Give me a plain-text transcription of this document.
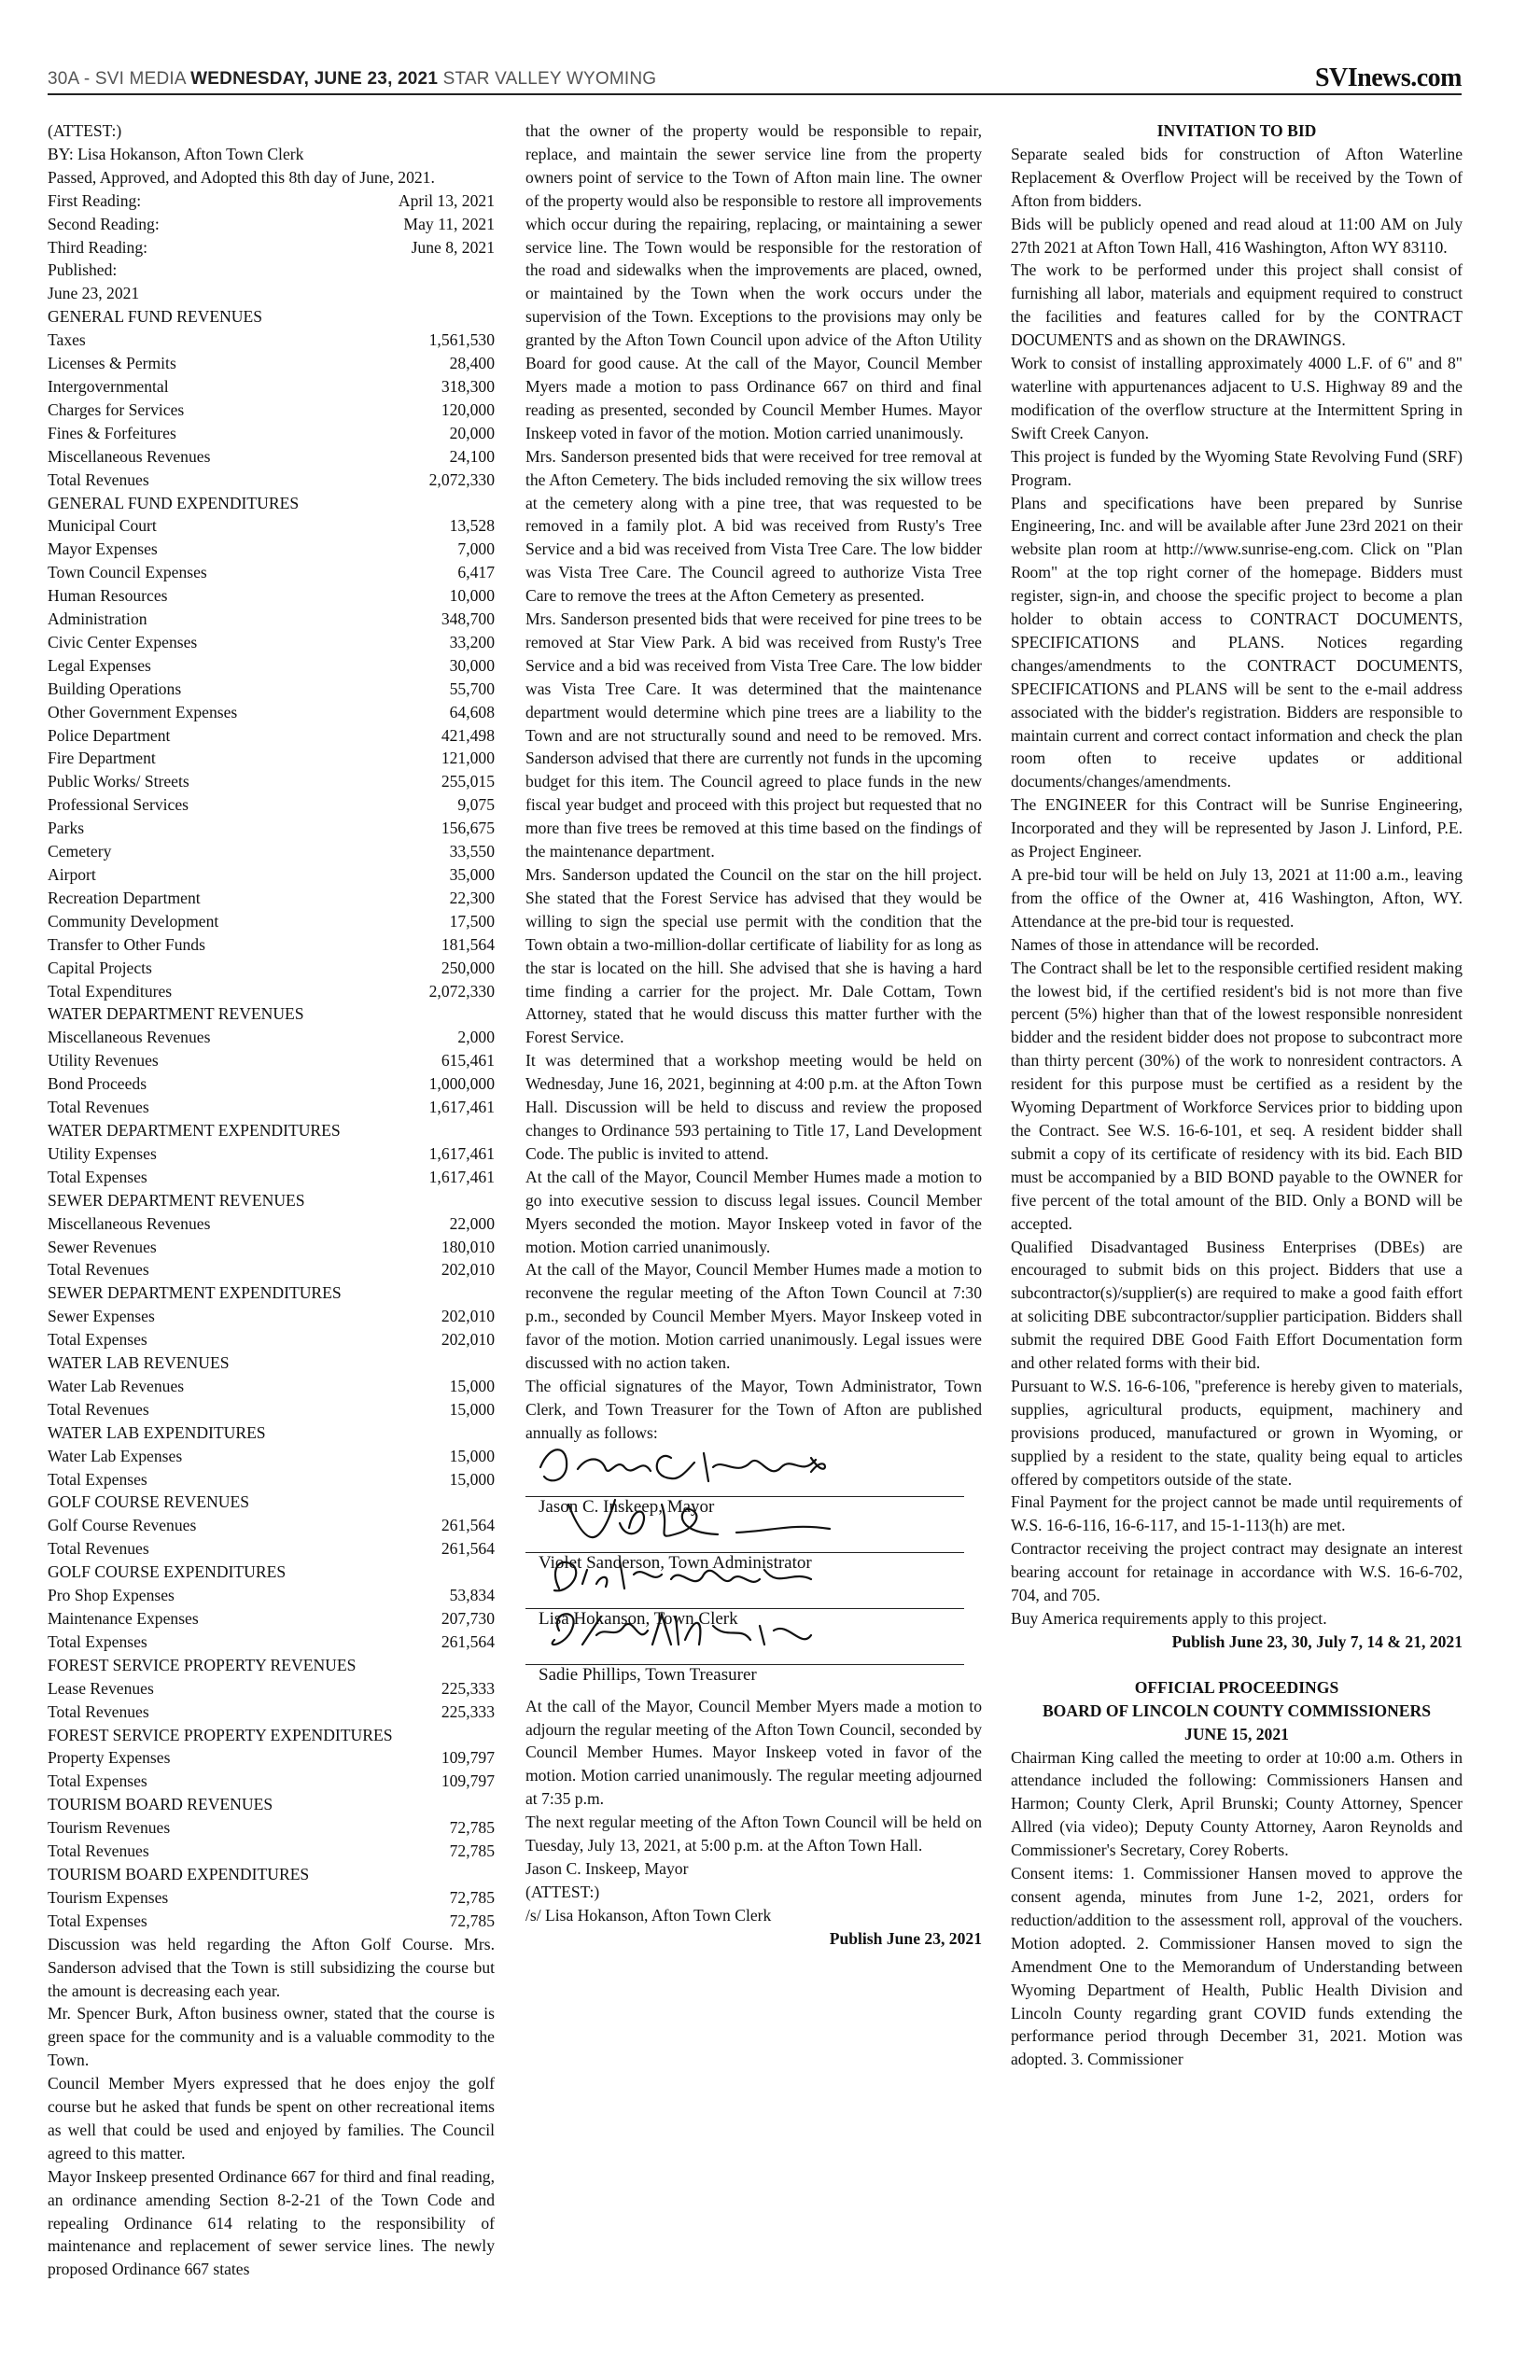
30A - SVI MEDIA WEDNESDAY, JUNE 23, 2021 STAR VALLEY WYOMING	SVInews.com

(ATTEST:)

BY: Lisa Hokanson, Afton Town Clerk

Passed, Approved, and Adopted this 8th day of June, 2021.

First Reading:	April 13, 2021
Second Reading:	May 11, 2021
Third Reading:	June 8, 2021

Published:

June 23, 2021

GENERAL FUND REVENUES

Taxes	1,561,530
Licenses & Permits	28,400
Intergovernmental	318,300
Charges for Services	120,000
Fines & Forfeitures	20,000
Miscellaneous Revenues	24,100
Total Revenues	2,072,330

GENERAL FUND EXPENDITURES

Municipal Court	13,528
Mayor Expenses	7,000
Town Council Expenses	6,417
Human Resources	10,000
Administration	348,700
Civic Center Expenses	33,200
Legal Expenses	30,000
Building Operations	55,700
Other Government Expenses	64,608
Police Department	421,498
Fire Department	121,000
Public Works/ Streets	255,015
Professional Services	9,075
Parks	156,675
Cemetery	33,550
Airport	35,000
Recreation Department	22,300
Community Development	17,500
Transfer to Other Funds	181,564
Capital Projects	250,000
Total Expenditures	2,072,330

WATER DEPARTMENT REVENUES

Miscellaneous Revenues	2,000
Utility Revenues	615,461
Bond Proceeds	1,000,000
Total Revenues	1,617,461

WATER DEPARTMENT EXPENDITURES

Utility Expenses	1,617,461
Total Expenses	1,617,461

SEWER DEPARTMENT REVENUES

Miscellaneous Revenues	22,000
Sewer Revenues	180,010
Total Revenues	202,010

SEWER DEPARTMENT EXPENDITURES

Sewer Expenses	202,010
Total Expenses	202,010

WATER LAB REVENUES

Water Lab Revenues	15,000
Total Revenues	15,000

WATER LAB EXPENDITURES

Water Lab Expenses	15,000
Total Expenses	15,000

GOLF COURSE REVENUES

Golf Course Revenues	261,564
Total Revenues	261,564

GOLF COURSE EXPENDITURES

Pro Shop Expenses	53,834
Maintenance Expenses	207,730
Total Expenses	261,564

FOREST SERVICE PROPERTY REVENUES

Lease Revenues	225,333
Total Revenues	225,333

FOREST SERVICE PROPERTY EXPENDITURES

Property Expenses	109,797
Total Expenses	109,797

TOURISM BOARD REVENUES

Tourism Revenues	72,785
Total Revenues	72,785

TOURISM BOARD EXPENDITURES

Tourism Expenses	72,785
Total Expenses	72,785

Discussion was held regarding the Afton Golf Course. Mrs. Sanderson advised that the Town is still subsidizing the course but the amount is decreasing each year.

Mr. Spencer Burk, Afton business owner, stated that the course is green space for the community and is a valuable commodity to the Town.

Council Member Myers expressed that he does enjoy the golf course but he asked that funds be spent on other recreational items as well that could be used and enjoyed by families. The Council agreed to this matter.

Mayor Inskeep presented Ordinance 667 for third and final reading, an ordinance amending Section 8-2-21 of the Town Code and repealing Ordinance 614 relating to the responsibility of maintenance and replacement of sewer service lines. The newly proposed Ordinance 667 states

that the owner of the property would be responsible to repair, replace, and maintain the sewer service line from the property owners point of service to the Town of Afton main line. The owner of the property would also be responsible to restore all improvements which occur during the repairing, replacing, or maintaining a sewer service line. The Town would be responsible for the restoration of the road and sidewalks when the improvements are placed, owned, or maintained by the Town when the work occurs under the supervision of the Town. Exceptions to the provisions may only be granted by the Afton Town Council upon advice of the Afton Utility Board for good cause. At the call of the Mayor, Council Member Myers made a motion to pass Ordinance 667 on third and final reading as presented, seconded by Council Member Humes. Mayor Inskeep voted in favor of the motion. Motion carried unanimously.

Mrs. Sanderson presented bids that were received for tree removal at the Afton Cemetery. The bids included removing the six willow trees at the cemetery along with a pine tree, that was requested to be removed in a family plot. A bid was received from Rusty's Tree Service and a bid was received from Vista Tree Care. The low bidder was Vista Tree Care. The Council agreed to authorize Vista Tree Care to remove the trees at the Afton Cemetery as presented.

Mrs. Sanderson presented bids that were received for pine trees to be removed at Star View Park. A bid was received from Rusty's Tree Service and a bid was received from Vista Tree Care. The low bidder was Vista Tree Care. It was determined that the maintenance department would determine which pine trees are a liability to the Town and are not structurally sound and need to be removed. Mrs. Sanderson advised that there are currently not funds in the upcoming budget for this item. The Council agreed to place funds in the new fiscal year budget and proceed with this project but requested that no more than five trees be removed at this time based on the findings of the maintenance department.

Mrs. Sanderson updated the Council on the star on the hill project. She stated that the Forest Service has advised that they would be willing to sign the special use permit with the condition that the Town obtain a two-million-dollar certificate of liability for as long as the star is located on the hill. She advised that she is having a hard time finding a carrier for the project. Mr. Dale Cottam, Town Attorney, stated that he would discuss this matter further with the Forest Service.

It was determined that a workshop meeting would be held on Wednesday, June 16, 2021, beginning at 4:00 p.m. at the Afton Town Hall. Discussion will be held to discuss and review the proposed changes to Ordinance 593 pertaining to Title 17, Land Development Code. The public is invited to attend.

At the call of the Mayor, Council Member Humes made a motion to go into executive session to discuss legal issues. Council Member Myers seconded the motion. Mayor Inskeep voted in favor of the motion. Motion carried unanimously.

At the call of the Mayor, Council Member Humes made a motion to reconvene the regular meeting of the Afton Town Council at 7:30 p.m., seconded by Council Member Myers. Mayor Inskeep voted in favor of the motion. Motion carried unanimously. Legal issues were discussed with no action taken.

The official signatures of the Mayor, Town Administrator, Town Clerk, and Town Treasurer for the Town of Afton are published annually as follows:

Jason C. Inskeep, Mayor
Violet Sanderson, Town Administrator
Lisa Hokanson, Town Clerk
Sadie Phillips, Town Treasurer

At the call of the Mayor, Council Member Myers made a motion to adjourn the regular meeting of the Afton Town Council, seconded by Council Member Humes. Mayor Inskeep voted in favor of the motion. Motion carried unanimously. The regular meeting adjourned at 7:35 p.m.

The next regular meeting of the Afton Town Council will be held on Tuesday, July 13, 2021, at 5:00 p.m. at the Afton Town Hall.

Jason C. Inskeep, Mayor

(ATTEST:)

/s/ Lisa Hokanson, Afton Town Clerk

Publish June 23, 2021

INVITATION TO BID

Separate sealed bids for construction of Afton Waterline Replacement & Overflow Project will be received by the Town of Afton from bidders.

Bids will be publicly opened and read aloud at 11:00 AM on July 27th 2021 at Afton Town Hall, 416 Washington, Afton WY 83110.

The work to be performed under this project shall consist of furnishing all labor, materials and equipment required to construct the facilities and features called for by the CONTRACT DOCUMENTS and as shown on the DRAWINGS.

Work to consist of installing approximately 4000 L.F. of 6" and 8" waterline with appurtenances adjacent to U.S. Highway 89 and the modification of the overflow structure at the Intermittent Spring in Swift Creek Canyon.

This project is funded by the Wyoming State Revolving Fund (SRF) Program.

Plans and specifications have been prepared by Sunrise Engineering, Inc. and will be available after June 23rd 2021 on their website plan room at http://www.sunrise-eng.com. Click on "Plan Room" at the top right corner of the homepage. Bidders must register, sign-in, and choose the specific project to become a plan holder to obtain access to CONTRACT DOCUMENTS, SPECIFICATIONS and PLANS. Notices regarding changes/amendments to the CONTRACT DOCUMENTS, SPECIFICATIONS and PLANS will be sent to the e-mail address associated with the bidder's registration. Bidders are responsible to maintain current and correct contact information and check the plan room often to receive updates or additional documents/changes/amendments.

The ENGINEER for this Contract will be Sunrise Engineering, Incorporated and they will be represented by Jason J. Linford, P.E. as Project Engineer.

A pre-bid tour will be held on July 13, 2021 at 11:00 a.m., leaving from the office of the Owner at, 416 Washington, Afton, WY. Attendance at the pre-bid tour is requested.

Names of those in attendance will be recorded.

The Contract shall be let to the responsible certified resident making the lowest bid, if the certified resident's bid is not more than five percent (5%) higher than that of the lowest responsible nonresident bidder and the resident bidder does not propose to subcontract more than thirty percent (30%) of the work to nonresident contractors. A resident for this purpose must be certified as a resident by the Wyoming Department of Workforce Services prior to bidding upon the Contract. See W.S. 16-6-101, et seq. A resident bidder shall submit a copy of its certificate of residency with its bid. Each BID must be accompanied by a BID BOND payable to the OWNER for five percent of the total amount of the BID. Only a BOND will be accepted.

Qualified Disadvantaged Business Enterprises (DBEs) are encouraged to submit bids on this project. Bidders that use a subcontractor(s)/supplier(s) are required to make a good faith effort at soliciting DBE subcontractor/supplier participation. Bidders shall submit the required DBE Good Faith Effort Documentation form and other related forms with their bid.

Pursuant to W.S. 16-6-106, "preference is hereby given to materials, supplies, agricultural products, equipment, machinery and provisions produced, manufactured or grown in Wyoming, or supplied by a resident to the state, quality being equal to articles offered by competitors outside of the state.

Final Payment for the project cannot be made until requirements of W.S. 16-6-116, 16-6-117, and 15-1-113(h) are met.

Contractor receiving the project contract may designate an interest bearing account for retainage in accordance with W.S. 16-6-702, 704, and 705.

Buy America requirements apply to this project.

Publish June 23, 30, July 7, 14 & 21, 2021

OFFICIAL PROCEEDINGS

BOARD OF LINCOLN COUNTY COMMISSIONERS

JUNE 15, 2021

Chairman King called the meeting to order at 10:00 a.m. Others in attendance included the following: Commissioners Hansen and Harmon; County Clerk, April Brunski; County Attorney, Spencer Allred (via video); Deputy County Attorney, Aaron Reynolds and Commissioner's Secretary, Corey Roberts.

Consent items: 1. Commissioner Hansen moved to approve the consent agenda, minutes from June 1-2, 2021, orders for reduction/addition to the assessment roll, approval of the vouchers. Motion adopted. 2. Commissioner Hansen moved to sign the Amendment One to the Memorandum of Understanding between Wyoming Department of Health, Public Health Division and Lincoln County regarding grant COVID funds extending the performance period through December 31, 2021. Motion was adopted. 3. Commissioner
